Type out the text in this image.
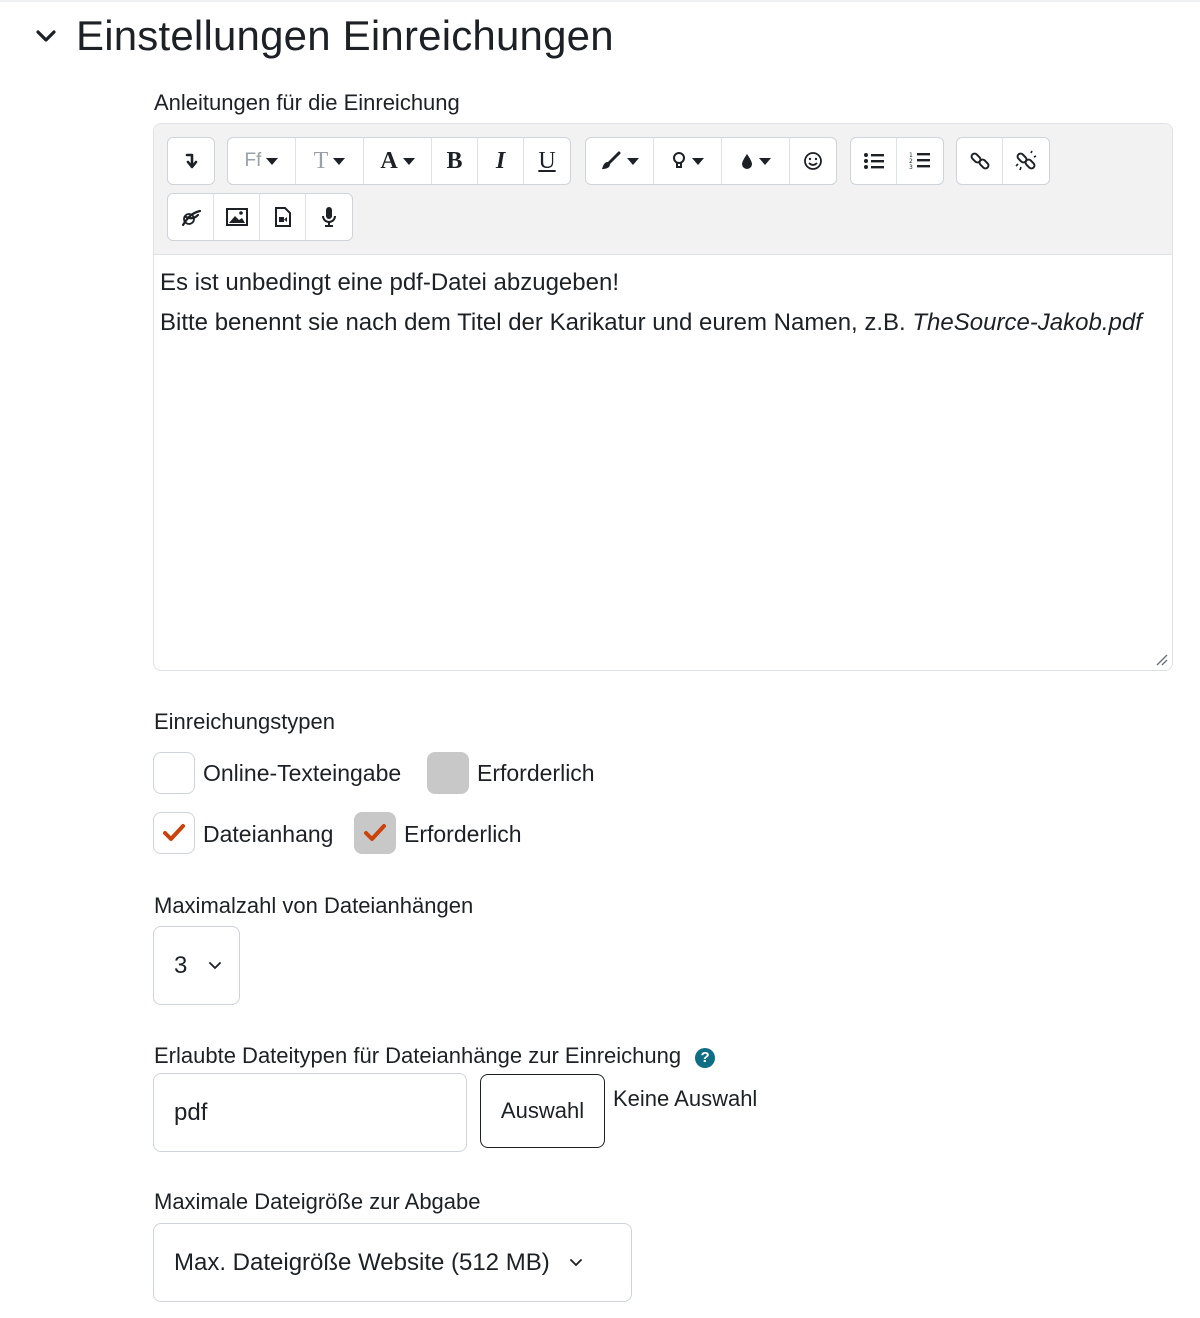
Einstellungen Einreichungen
Anleitungen für die Einreichung
Ff T A B I U	1
2
3

Es ist unbedingt eine pdf-Datei abzugeben!

Bitte benennt sie nach dem Titel der Karikatur und eurem Namen, z.B. TheSource-Jakob.pdf

Einreichungstypen
Online-Texteingabe	Erforderlich
Dateianhang	Erforderlich
Maximalzahl von Dateianhängen
3
Erlaubte Dateitypen für Dateianhänge zur Einreichung ?
pdf	Auswahl	Keine Auswahl
Maximale Dateigröße zur Abgabe
Max. Dateigröße Website (512 MB)
